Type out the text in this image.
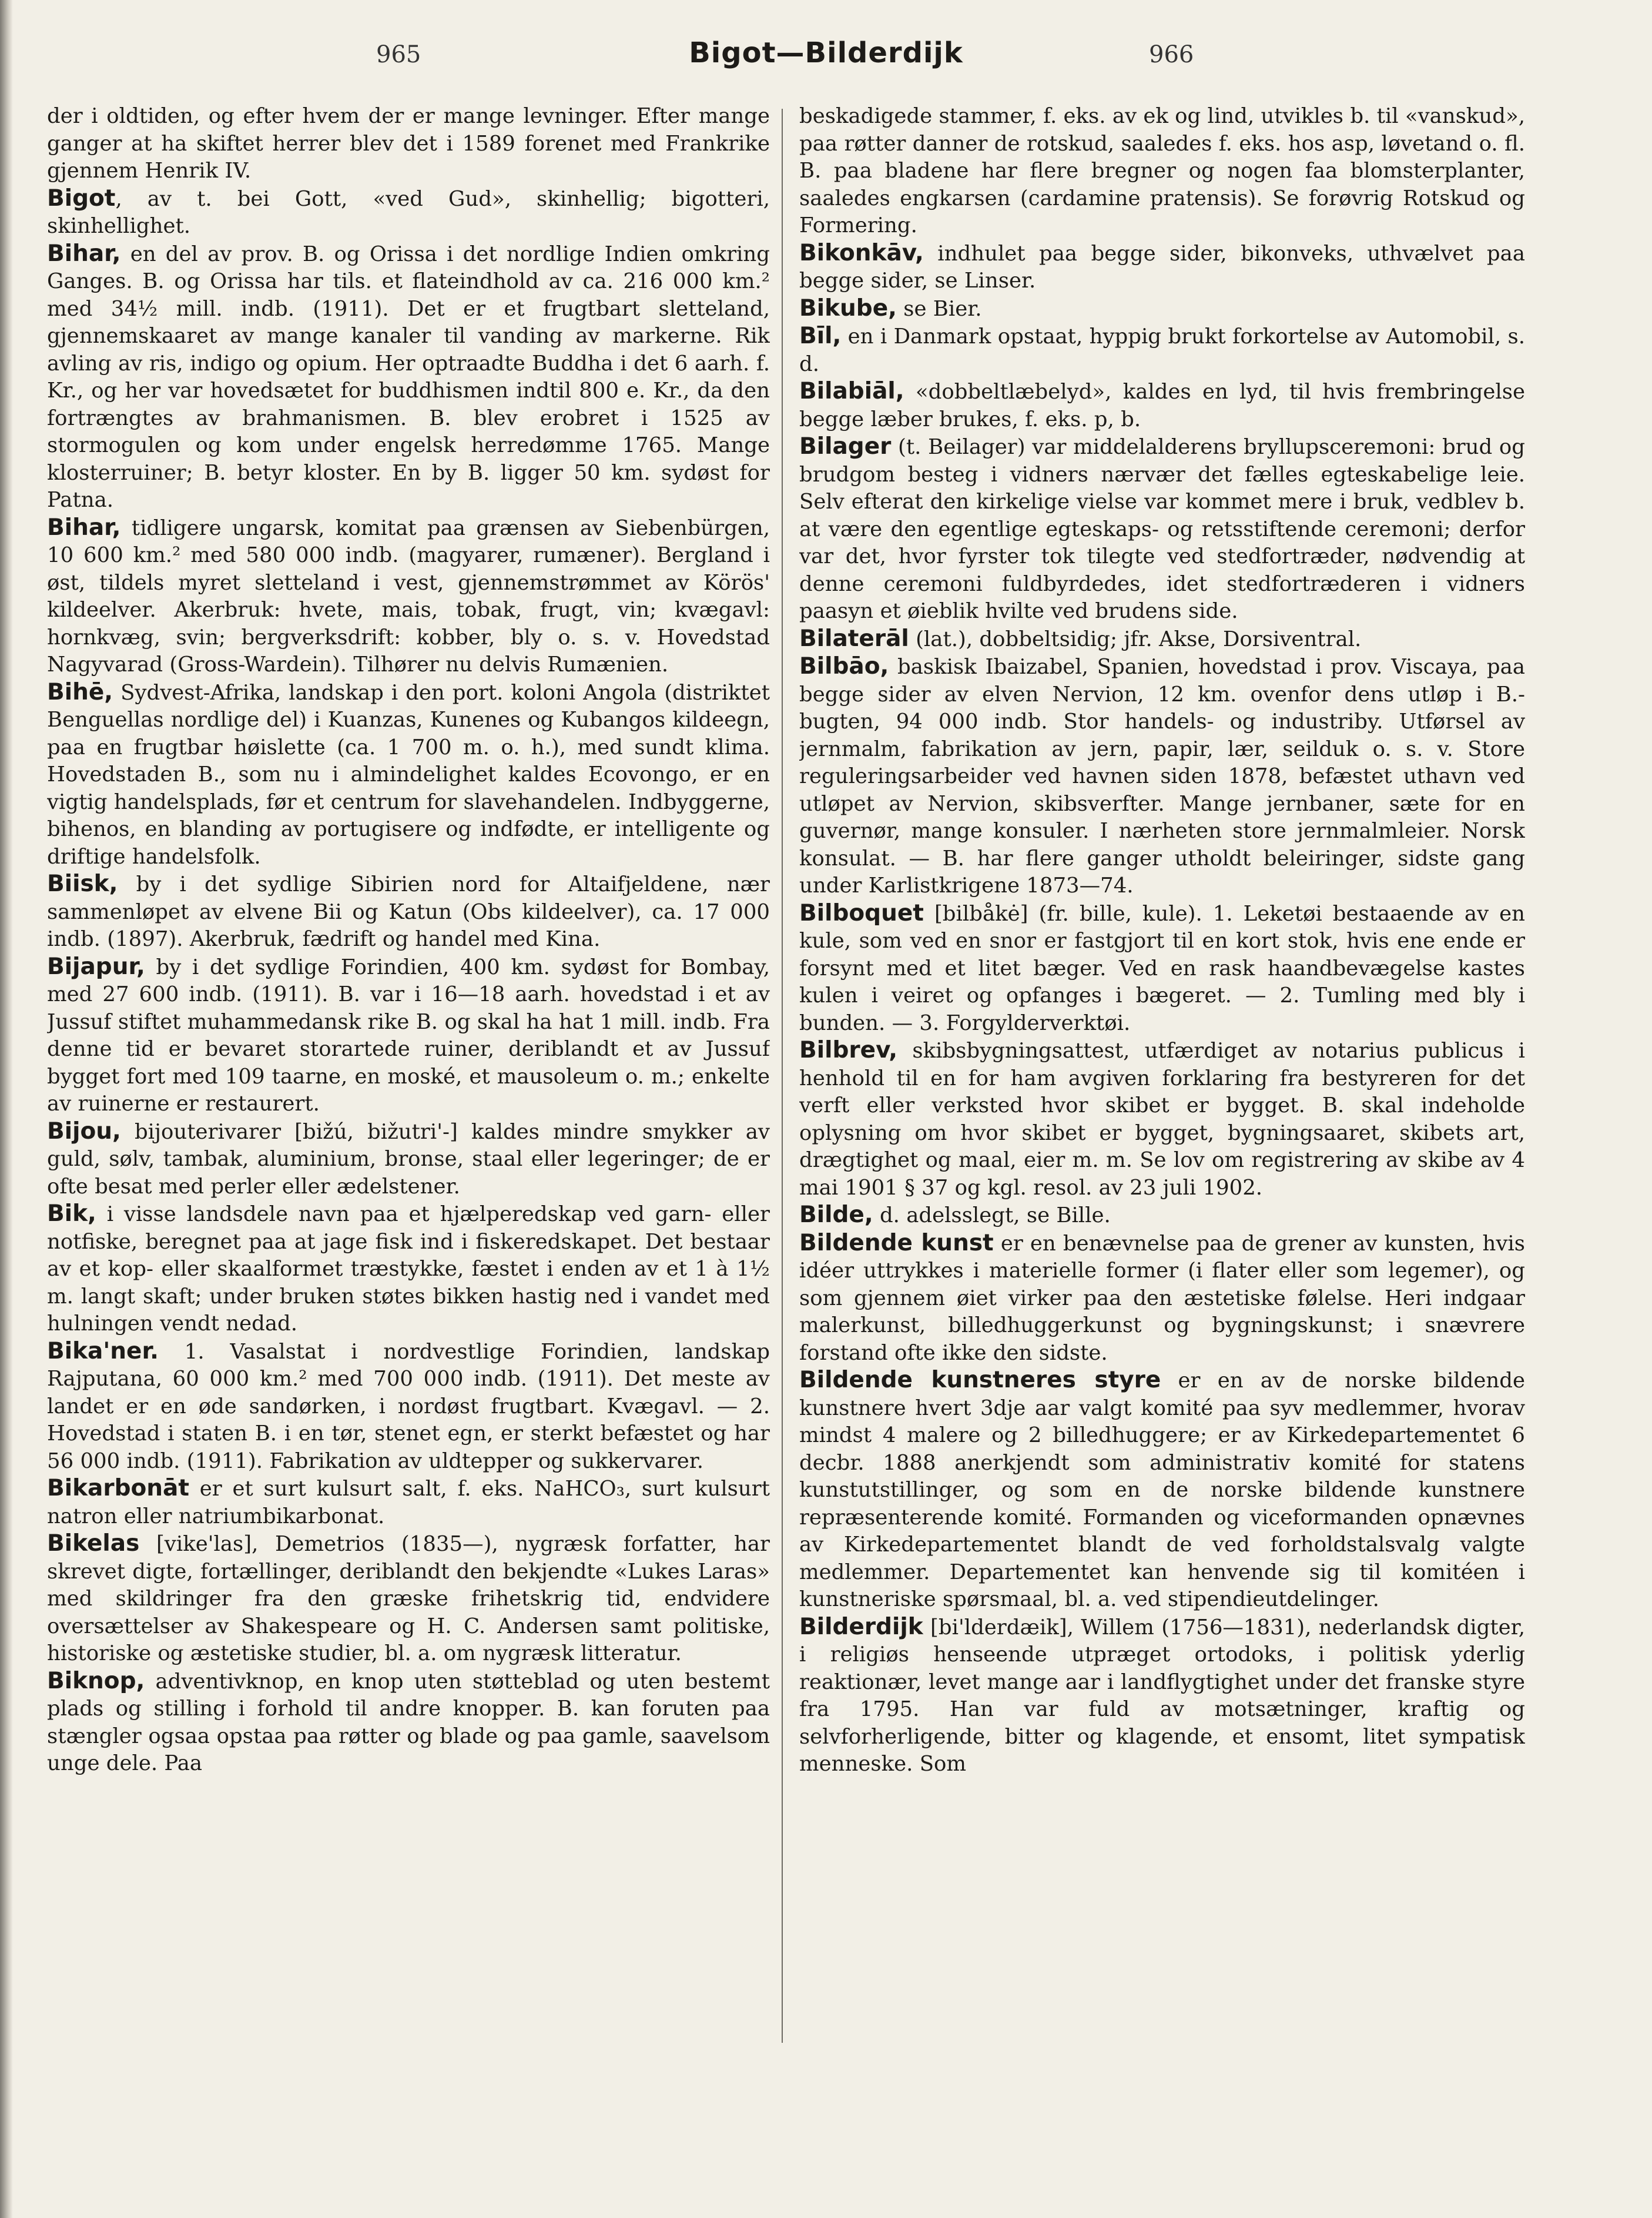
965	Bigot—Bilderdijk	966

der i oldtiden, og efter hvem der er mange levninger. Efter mange ganger at ha skiftet herrer blev det i 1589 forenet med Frankrike gjennem Henrik IV.

Bigot, av t. bei Gott, «ved Gud», skinhellig; bigotteri, skinhellighet.

Bihar, en del av prov. B. og Orissa i det nordlige Indien omkring Ganges. B. og Orissa har tils. et flateindhold av ca. 216 000 km.² med 34½ mill. indb. (1911). Det er et frugtbart sletteland, gjennemskaaret av mange kanaler til vanding av markerne. Rik avling av ris, indigo og opium. Her optraadte Buddha i det 6 aarh. f. Kr., og her var hovedsætet for buddhismen indtil 800 e. Kr., da den fortrængtes av brahmanismen. B. blev erobret i 1525 av stormogulen og kom under engelsk herredømme 1765. Mange klosterruiner; B. betyr kloster. En by B. ligger 50 km. sydøst for Patna.

Bihar, tidligere ungarsk, komitat paa grænsen av Siebenbürgen, 10 600 km.² med 580 000 indb. (magyarer, rumæner). Bergland i øst, tildels myret sletteland i vest, gjennemstrømmet av Körös' kildeelver. Akerbruk: hvete, mais, tobak, frugt, vin; kvægavl: hornkvæg, svin; bergverksdrift: kobber, bly o. s. v. Hovedstad Nagyvarad (Gross-Wardein). Tilhører nu delvis Rumænien.

Bihē, Sydvest-Afrika, landskap i den port. koloni Angola (distriktet Benguellas nordlige del) i Kuanzas, Kunenes og Kubangos kildeegn, paa en frugtbar høislette (ca. 1 700 m. o. h.), med sundt klima. Hovedstaden B., som nu i almindelighet kaldes Ecovongo, er en vigtig handelsplads, før et centrum for slavehandelen. Indbyggerne, bihenos, en blanding av portugisere og indfødte, er intelligente og driftige handelsfolk.

Biisk, by i det sydlige Sibirien nord for Altaifjeldene, nær sammenløpet av elvene Bii og Katun (Obs kildeelver), ca. 17 000 indb. (1897). Akerbruk, fædrift og handel med Kina.

Bijapur, by i det sydlige Forindien, 400 km. sydøst for Bombay, med 27 600 indb. (1911). B. var i 16—18 aarh. hovedstad i et av Jussuf stiftet muhammedansk rike B. og skal ha hat 1 mill. indb. Fra denne tid er bevaret storartede ruiner, deriblandt et av Jussuf bygget fort med 109 taarne, en moské, et mausoleum o. m.; enkelte av ruinerne er restaurert.

Bijou, bijouterivarer [bižú, bižutri'-] kaldes mindre smykker av guld, sølv, tambak, aluminium, bronse, staal eller legeringer; de er ofte besat med perler eller ædelstener.

Bik, i visse landsdele navn paa et hjælperedskap ved garn- eller notfiske, beregnet paa at jage fisk ind i fiskeredskapet. Det bestaar av et kop- eller skaalformet træstykke, fæstet i enden av et 1 à 1½ m. langt skaft; under bruken støtes bikken hastig ned i vandet med hulningen vendt nedad.

Bika'ner. 1. Vasalstat i nordvestlige Forindien, landskap Rajputana, 60 000 km.² med 700 000 indb. (1911). Det meste av landet er en øde sandørken, i nordøst frugtbart. Kvægavl. — 2. Hovedstad i staten B. i en tør, stenet egn, er sterkt befæstet og har 56 000 indb. (1911). Fabrikation av uldtepper og sukkervarer.

Bikarbonāt er et surt kulsurt salt, f. eks. NaHCO₃, surt kulsurt natron eller natriumbikarbonat.

Bikelas [vike'las], Demetrios (1835—), nygræsk forfatter, har skrevet digte, fortællinger, deriblandt den bekjendte «Lukes Laras» med skildringer fra den græske frihetskrig tid, endvidere oversættelser av Shakespeare og H. C. Andersen samt politiske, historiske og æstetiske studier, bl. a. om nygræsk litteratur.

Biknop, adventivknop, en knop uten støtteblad og uten bestemt plads og stilling i forhold til andre knopper. B. kan foruten paa stængler ogsaa opstaa paa røtter og blade og paa gamle, saavelsom unge dele. Paa

beskadigede stammer, f. eks. av ek og lind, utvikles b. til «vanskud», paa røtter danner de rotskud, saaledes f. eks. hos asp, løvetand o. fl. B. paa bladene har flere bregner og nogen faa blomsterplanter, saaledes engkarsen (cardamine pratensis). Se forøvrig Rotskud og Formering.

Bikonkāv, indhulet paa begge sider, bikonveks, uthvælvet paa begge sider, se Linser.

Bikube, se Bier.

Bīl, en i Danmark opstaat, hyppig brukt forkortelse av Automobil, s. d.

Bilabiāl, «dobbeltlæbelyd», kaldes en lyd, til hvis frembringelse begge læber brukes, f. eks. p, b.

Bilager (t. Beilager) var middelalderens bryllupsceremoni: brud og brudgom besteg i vidners nærvær det fælles egteskabelige leie. Selv efterat den kirkelige vielse var kommet mere i bruk, vedblev b. at være den egentlige egteskaps- og retsstiftende ceremoni; derfor var det, hvor fyrster tok tilegte ved stedfortræder, nødvendig at denne ceremoni fuldbyrdedes, idet stedfortræderen i vidners paasyn et øieblik hvilte ved brudens side.

Bilaterāl (lat.), dobbeltsidig; jfr. Akse, Dorsiventral.

Bilbāo, baskisk Ibaizabel, Spanien, hovedstad i prov. Viscaya, paa begge sider av elven Nervion, 12 km. ovenfor dens utløp i B.-bugten, 94 000 indb. Stor handels- og industriby. Utførsel av jernmalm, fabrikation av jern, papir, lær, seilduk o. s. v. Store reguleringsarbeider ved havnen siden 1878, befæstet uthavn ved utløpet av Nervion, skibsverfter. Mange jernbaner, sæte for en guvernør, mange konsuler. I nærheten store jernmalmleier. Norsk konsulat. — B. har flere ganger utholdt beleiringer, sidste gang under Karlistkrigene 1873—74.

Bilboquet [bilbåkė] (fr. bille, kule). 1. Leketøi bestaaende av en kule, som ved en snor er fastgjort til en kort stok, hvis ene ende er forsynt med et litet bæger. Ved en rask haandbevægelse kastes kulen i veiret og opfanges i bægeret. — 2. Tumling med bly i bunden. — 3. Forgylderverktøi.

Bilbrev, skibsbygningsattest, utfærdiget av notarius publicus i henhold til en for ham avgiven forklaring fra bestyreren for det verft eller verksted hvor skibet er bygget. B. skal indeholde oplysning om hvor skibet er bygget, bygningsaaret, skibets art, drægtighet og maal, eier m. m. Se lov om registrering av skibe av 4 mai 1901 § 37 og kgl. resol. av 23 juli 1902.

Bilde, d. adelsslegt, se Bille.

Bildende kunst er en benævnelse paa de grener av kunsten, hvis idéer uttrykkes i materielle former (i flater eller som legemer), og som gjennem øiet virker paa den æstetiske følelse. Heri indgaar malerkunst, billedhuggerkunst og bygningskunst; i snævrere forstand ofte ikke den sidste.

Bildende kunstneres styre er en av de norske bildende kunstnere hvert 3dje aar valgt komité paa syv medlemmer, hvorav mindst 4 malere og 2 billedhuggere; er av Kirkedepartementet 6 decbr. 1888 anerkjendt som administrativ komité for statens kunstutstillinger, og som en de norske bildende kunstnere repræsenterende komité. Formanden og viceformanden opnævnes av Kirkedepartementet blandt de ved forholdstalsvalg valgte medlemmer. Departementet kan henvende sig til komitéen i kunstneriske spørsmaal, bl. a. ved stipendieutdelinger.

Bilderdijk [bi'lderdæik], Willem (1756—1831), nederlandsk digter, i religiøs henseende utpræget ortodoks, i politisk yderlig reaktionær, levet mange aar i landflygtighet under det franske styre fra 1795. Han var fuld av motsætninger, kraftig og selvforherligende, bitter og klagende, et ensomt, litet sympatisk menneske. Som
